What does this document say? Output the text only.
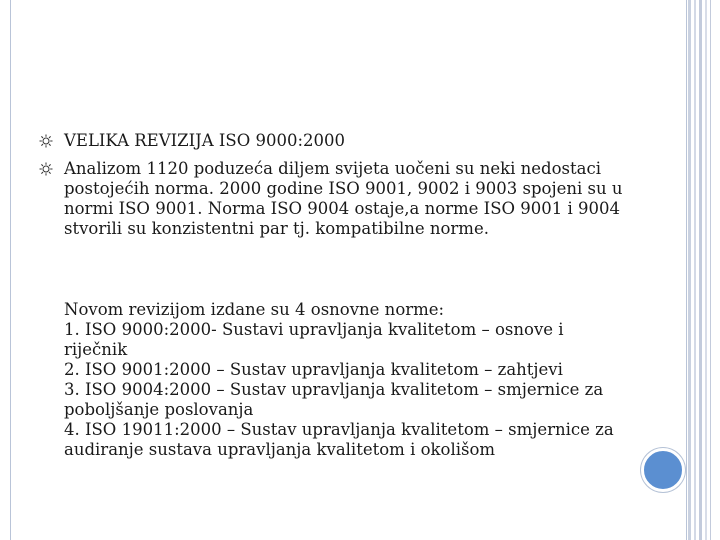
VELIKA REVIZIJA ISO 9000:2000
Analizom 1120 poduzeća diljem svijeta uočeni su neki nedostaci postojećih norma. 2000 godine ISO 9001, 9002 i 9003 spojeni su u normi ISO 9001. Norma ISO 9004 ostaje,a norme ISO 9001 i 9004 stvorili su konzistentni par tj. kompatibilne norme.
Novom revizijom izdane su 4 osnovne norme:
1. ISO 9000:2000- Sustavi upravljanja kvalitetom – osnove i riječnik
2. ISO 9001:2000 – Sustav upravljanja kvalitetom – zahtjevi
3. ISO 9004:2000 – Sustav upravljanja kvalitetom – smjernice za poboljšanje poslovanja
4. ISO 19011:2000 – Sustav upravljanja kvalitetom – smjernice za audiranje sustava upravljanja kvalitetom i okolišom
